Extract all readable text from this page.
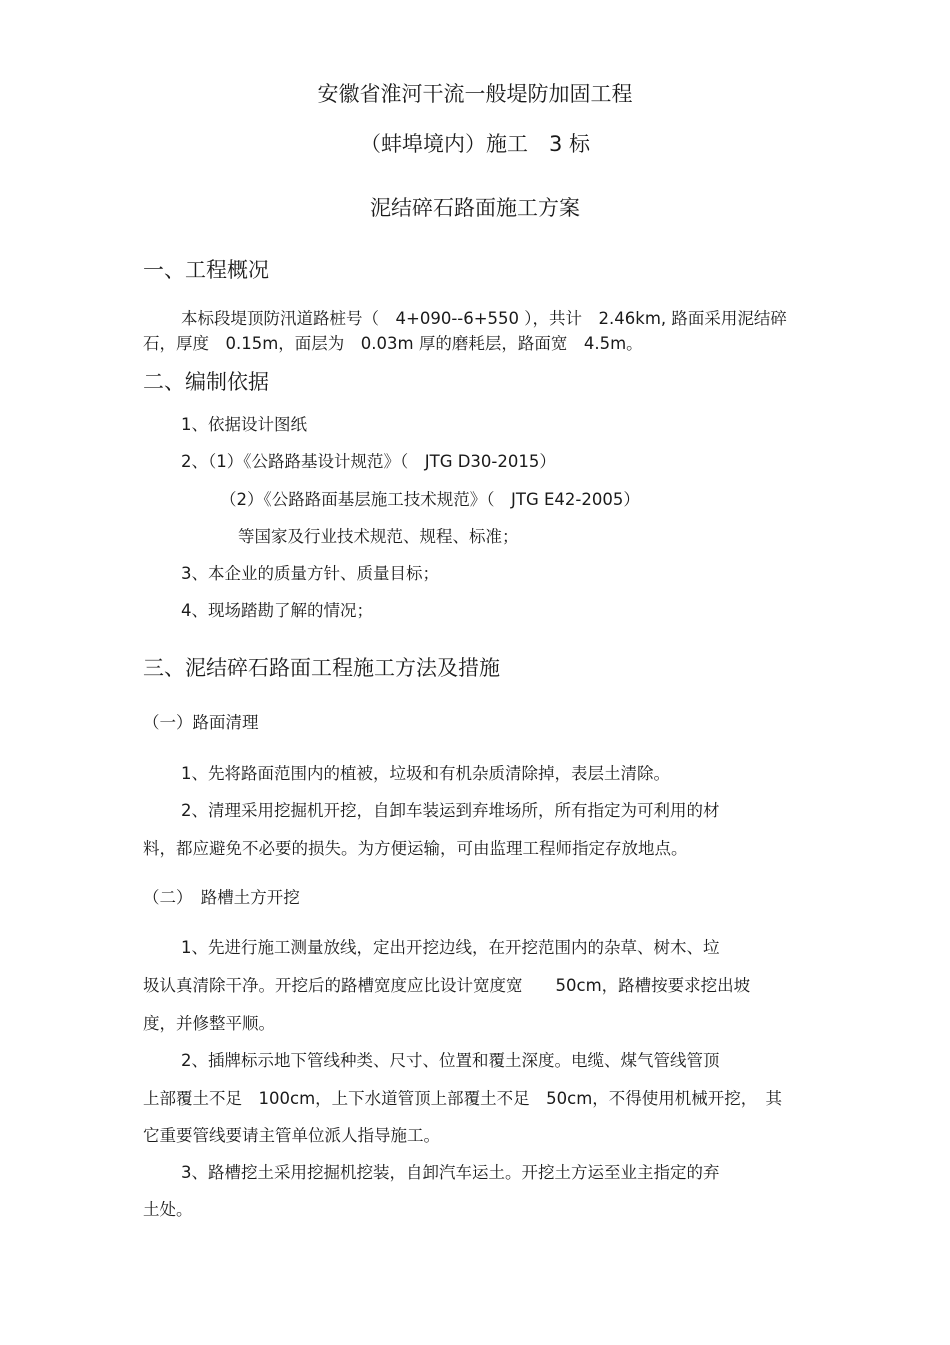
安徽省淮河干流一般堤防加固工程
（蚌埠境内）施工　3 标
泥结碎石路面施工方案
一、工程概况
本标段堤顶防汛道路桩号（　4+090--6+550 ），共计　2.46km, 路面采用泥结碎
石，厚度　0.15m，面层为　0.03m 厚的磨耗层，路面宽　4.5m。
二、编制依据
1、依据设计图纸
2、（1）《公路路基设计规范》（　JTG D30-2015）
（2）《公路路面基层施工技术规范》（　JTG E42-2005）
等国家及行业技术规范、规程、标准；
3、本企业的质量方针、质量目标；
4、现场踏勘了解的情况；
三、泥结碎石路面工程施工方法及措施
（一）路面清理
1、先将路面范围内的植被，垃圾和有机杂质清除掉，表层土清除。
2、清理采用挖掘机开挖，自卸车装运到弃堆场所，所有指定为可利用的材
料，都应避免不必要的损失。为方便运输，可由监理工程师指定存放地点。
（二）　路槽土方开挖
1、先进行施工测量放线，定出开挖边线，在开挖范围内的杂草、树木、垃
圾认真清除干净。开挖后的路槽宽度应比设计宽度宽　　50cm，路槽按要求挖出坡
度，并修整平顺。
2、插牌标示地下管线种类、尺寸、位置和覆土深度。电缆、煤气管线管顶
上部覆土不足　100cm，上下水道管顶上部覆土不足　50cm，不得使用机械开挖，　其
它重要管线要请主管单位派人指导施工。
3、路槽挖土采用挖掘机挖装，自卸汽车运土。开挖土方运至业主指定的弃
土处。
